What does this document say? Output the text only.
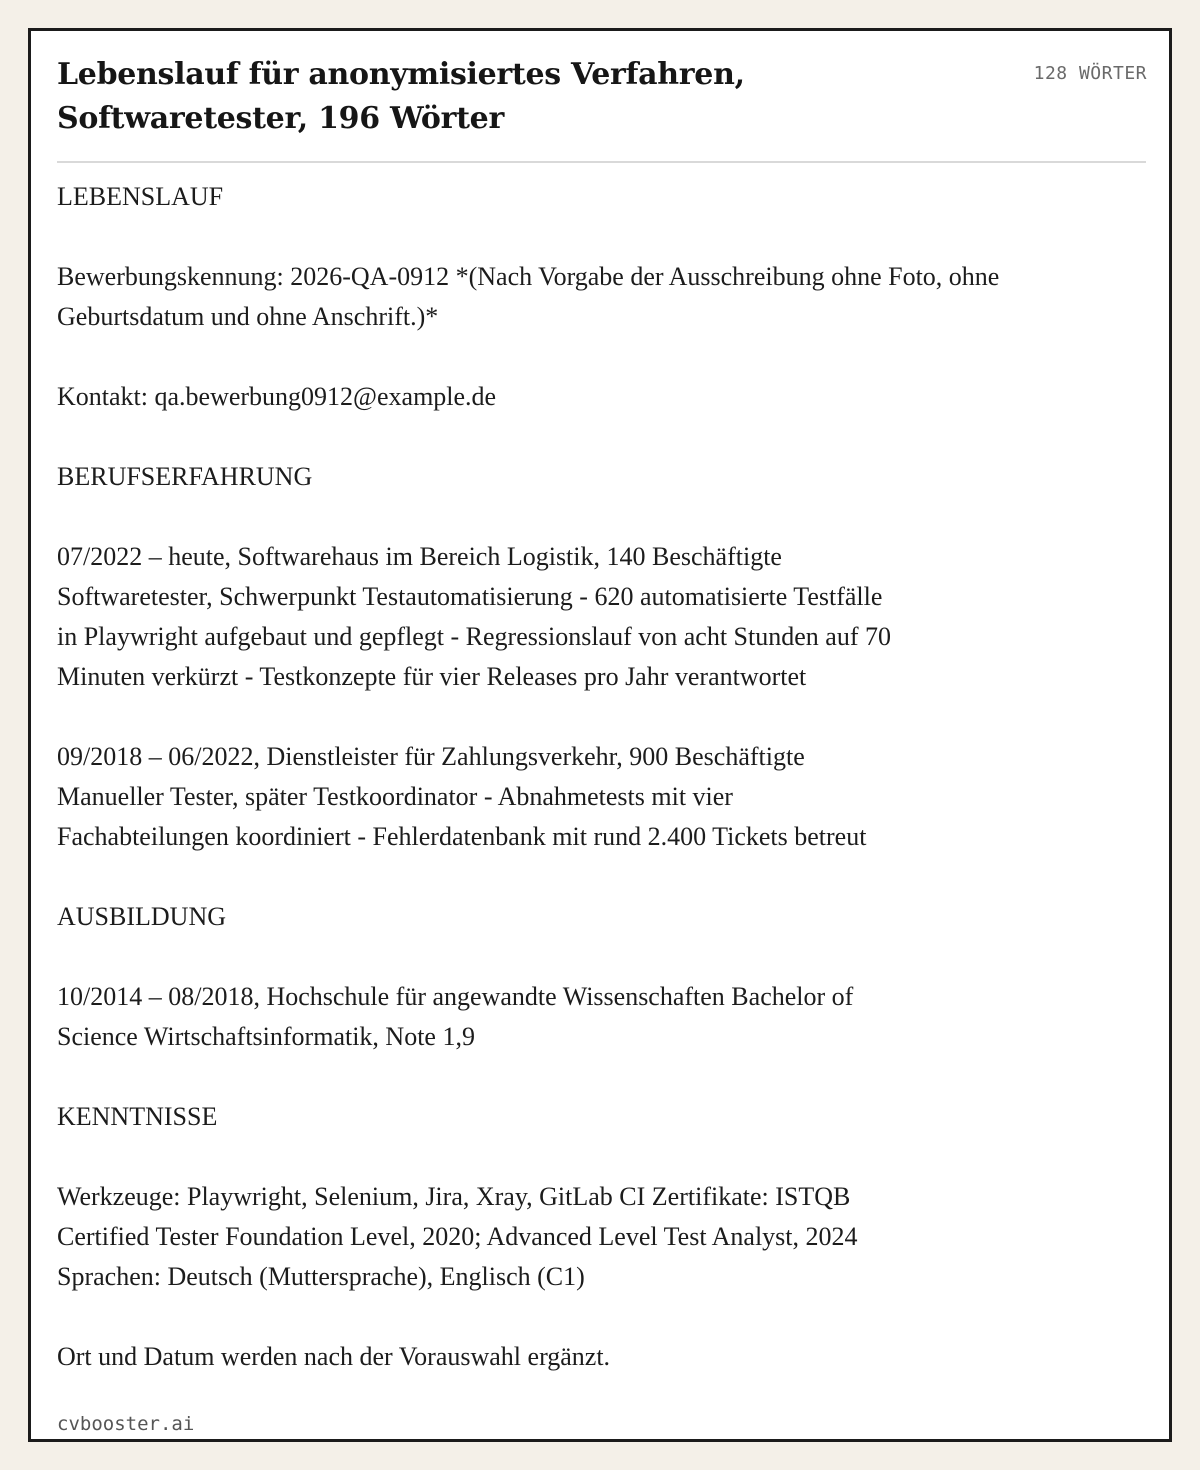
Lebenslauf für anonymisiertes Verfahren, Softwaretester, 196 Wörter
128 WÖRTER

LEBENSLAUF

Bewerbungskennung: 2026-QA-0912 *(Nach Vorgabe der Ausschreibung ohne Foto, ohne Geburtsdatum und ohne Anschrift.)*

Kontakt: qa.bewerbung0912@example.de

BERUFSERFAHRUNG

07/2022 – heute, Softwarehaus im Bereich Logistik, 140 Beschäftigte
Softwaretester, Schwerpunkt Testautomatisierung - 620 automatisierte Testfälle
in Playwright aufgebaut und gepflegt - Regressionslauf von acht Stunden auf 70
Minuten verkürzt - Testkonzepte für vier Releases pro Jahr verantwortet

09/2018 – 06/2022, Dienstleister für Zahlungsverkehr, 900 Beschäftigte
Manueller Tester, später Testkoordinator - Abnahmetests mit vier
Fachabteilungen koordiniert - Fehlerdatenbank mit rund 2.400 Tickets betreut

AUSBILDUNG

10/2014 – 08/2018, Hochschule für angewandte Wissenschaften Bachelor of
Science Wirtschaftsinformatik, Note 1,9

KENNTNISSE

Werkzeuge: Playwright, Selenium, Jira, Xray, GitLab CI Zertifikate: ISTQB
Certified Tester Foundation Level, 2020; Advanced Level Test Analyst, 2024
Sprachen: Deutsch (Muttersprache), Englisch (C1)

Ort und Datum werden nach der Vorauswahl ergänzt.

cvbooster.ai
